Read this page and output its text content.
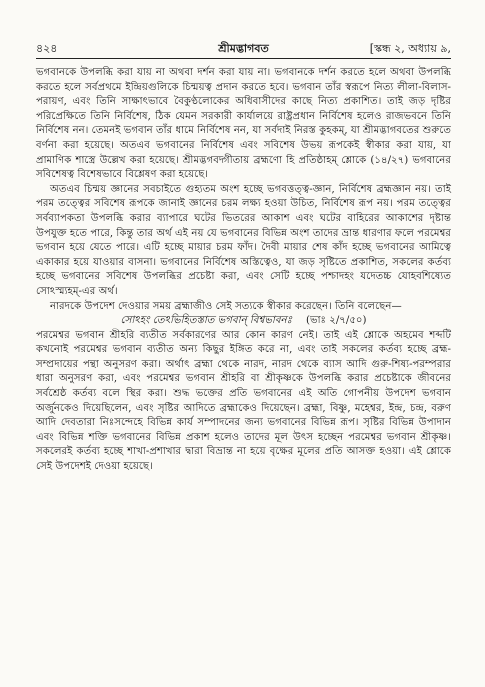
৪২৪	শ্রীমদ্ভাগবত	[স্কন্ধ ২, অধ্যায় ৯,

ভগবানকে উপলব্ধি করা যায় না অথবা দর্শন করা যায় না। ভগবানকে দর্শন করতে হলে অথবা উপলব্ধি করতে হলে সর্বপ্রথমে ইন্দ্রিয়গুলিকে চিন্ময়ত্ব প্রদান করতে হবে। ভগবান তাঁর স্বরূপে নিত্য লীলা-বিলাস-পরায়ণ, এবং তিনি সাক্ষাৎভাবে বৈকুণ্ঠলোকের অধিবাসীদের কাছে নিত্য প্রকাশিত। তাই জড় দৃষ্টির পরিপ্রেক্ষিতে তিনি নির্বিশেষ, ঠিক যেমন সরকারী কার্যালয়ে রাষ্ট্রপ্রধান নির্বিশেষ হলেও রাজভবনে তিনি নির্বিশেষ নন। তেমনই ভগবান তাঁর ধামে নির্বিশেষ নন, যা সর্বদাই নিরস্ত কুহকম্, যা শ্রীমদ্ভাগবতের শুরুতে বর্ণনা করা হয়েছে। অতএব ভগবানের নির্বিশেষ এবং সবিশেষ উভয় রূপকেই স্বীকার করা যায়, যা প্রামাণিক শাস্ত্রে উল্লেখ করা হয়েছে। শ্রীমদ্ভগবদ্গীতায় ব্রহ্মণো হি প্রতিষ্ঠাহম্ শ্লোকে (১৪/২৭) ভগবানের সবিশেষত্ব বিশেষভাবে বিশ্লেষণ করা হয়েছে।

অতএব চিন্ময় জ্ঞানের সবচাইতে গুহ্যতম অংশ হচ্ছে ভগবত্তত্ত্ব-জ্ঞান, নির্বিশেষ ব্রহ্মজ্ঞান নয়। তাই পরম তত্ত্বের সবিশেষ রূপকে জানাই জ্ঞানের চরম লক্ষ্য হওয়া উচিত, নির্বিশেষ রূপ নয়। পরম তত্ত্বের সর্বব্যাপকতা উপলব্ধি করার ব্যাপারে ঘটের ভিতরের আকাশ এবং ঘটের বাহিরের আকাশের দৃষ্টান্ত উপযুক্ত হতে পারে, কিন্তু তার অর্থ এই নয় যে ভগবানের বিভিন্ন অংশ তাদের ভ্রান্ত ধারণার ফলে পরমেশ্বর ভগবান হয়ে যেতে পারে। এটি হচ্ছে মায়ার চরম ফাঁদ। দৈবী মায়ার শেষ কাঁদ হচ্ছে ভগবানের আমিত্বে একাকার হয়ে যাওয়ার বাসনা। ভগবানের নির্বিশেষ অস্তিত্বেও, যা জড় সৃষ্টিতে প্রকাশিত, সকলের কর্তব্য হচ্ছে ভগবানের সবিশেষ উপলব্ধির প্রচেষ্টা করা, এবং সেটি হচ্ছে পশ্চাদহং যদেতচ্চ যোহবশিষ্যেত সোঽস্ম্যহম্-এর অর্থ।

নারদকে উপদেশ দেওয়ার সময় ব্রহ্মাজীও সেই সত্যকে স্বীকার করেছেন। তিনি বলেছেন—

সোঽহং তেঽভিহিতস্তাত ভগবান্ বিশ্বভাবনঃ (ভাঃ ২/৭/৫০)

পরমেশ্বর ভগবান শ্রীহরি ব্যতীত সর্বকারণের আর কোন কারণ নেই। তাই এই শ্লোকে অহমেব শব্দটি কখনোই পরমেশ্বর ভগবান ব্যতীত অন্য কিছুর ইঙ্গিত করে না, এবং তাই সকলের কর্তব্য হচ্ছে ব্রহ্ম-সম্প্রদায়ের পন্থা অনুসরণ করা। অর্থাৎ ব্রহ্মা থেকে নারদ, নারদ থেকে ব্যাস আদি গুরু-শিষ্য-পরম্পরার ধারা অনুসরণ করা, এবং পরমেশ্বর ভগবান শ্রীহরি বা শ্রীকৃষ্ণকে উপলব্ধি করার প্রচেষ্টাকে জীবনের সর্বশ্রেষ্ঠ কর্তব্য বলে স্থির করা। শুদ্ধ ভক্তের প্রতি ভগবানের এই অতি গোপনীয় উপদেশ ভগবান অর্জুনকেও দিয়েছিলেন, এবং সৃষ্টির আদিতে ব্রহ্মাকেও দিয়েছেন। ব্রহ্মা, বিষ্ণু, মহেশ্বর, ইন্দ্র, চন্দ্র, বরুণ আদি দেবতারা নিঃসন্দেহে বিভিন্ন কার্য সম্পাদনের জন্য ভগবানের বিভিন্ন রূপ। সৃষ্টির বিভিন্ন উপাদান এবং বিভিন্ন শক্তি ভগবানের বিভিন্ন প্রকাশ হলেও তাদের মূল উৎস হচ্ছেন পরমেশ্বর ভগবান শ্রীকৃষ্ণ। সকলেরই কর্তব্য হচ্ছে শাখা-প্রশাখার দ্বারা বিভ্রান্ত না হয়ে বৃক্ষের মূলের প্রতি আসক্ত হওয়া। এই শ্লোকে সেই উপদেশই দেওয়া হয়েছে।
